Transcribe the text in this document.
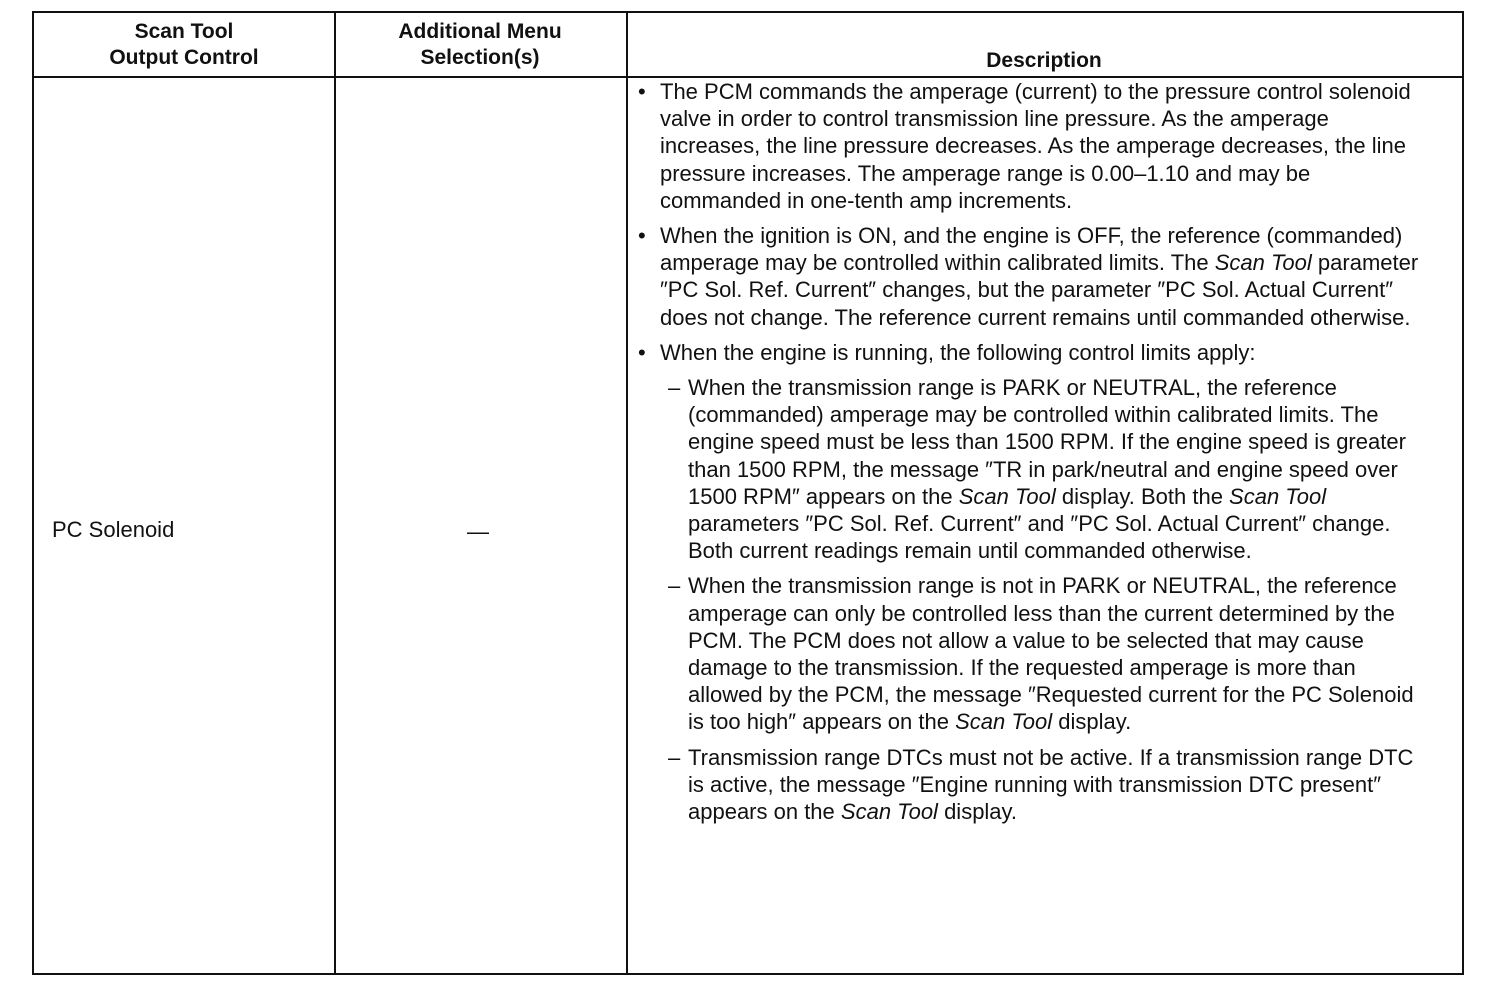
Scan Tool
Output Control
Additional Menu
Selection(s)	Description
PC Solenoid	—
• The PCM commands the amperage (current) to the pressure control solenoid valve in order to control transmission line pressure. As the amperage increases, the line pressure decreases. As the amperage decreases, the line pressure increases. The amperage range is 0.00–1.10 and may be commanded in one-tenth amp increments.
• When the ignition is ON, and the engine is OFF, the reference (commanded) amperage may be controlled within calibrated limits. The Scan Tool parameter ″PC Sol. Ref. Current″ changes, but the parameter ″PC Sol. Actual Current″ does not change. The reference current remains until commanded otherwise.
• When the engine is running, the following control limits apply:
– When the transmission range is PARK or NEUTRAL, the reference (commanded) amperage may be controlled within calibrated limits. The engine speed must be less than 1500 RPM. If the engine speed is greater than 1500 RPM, the message ″TR in park/neutral and engine speed over 1500 RPM″ appears on the Scan Tool display. Both the Scan Tool parameters ″PC Sol. Ref. Current″ and ″PC Sol. Actual Current″ change. Both current readings remain until commanded otherwise.
– When the transmission range is not in PARK or NEUTRAL, the reference amperage can only be controlled less than the current determined by the PCM. The PCM does not allow a value to be selected that may cause damage to the transmission. If the requested amperage is more than allowed by the PCM, the message ″Requested current for the PC Solenoid is too high″ appears on the Scan Tool display.
– Transmission range DTCs must not be active. If a transmission range DTC is active, the message ″Engine running with transmission DTC present″ appears on the Scan Tool display.
